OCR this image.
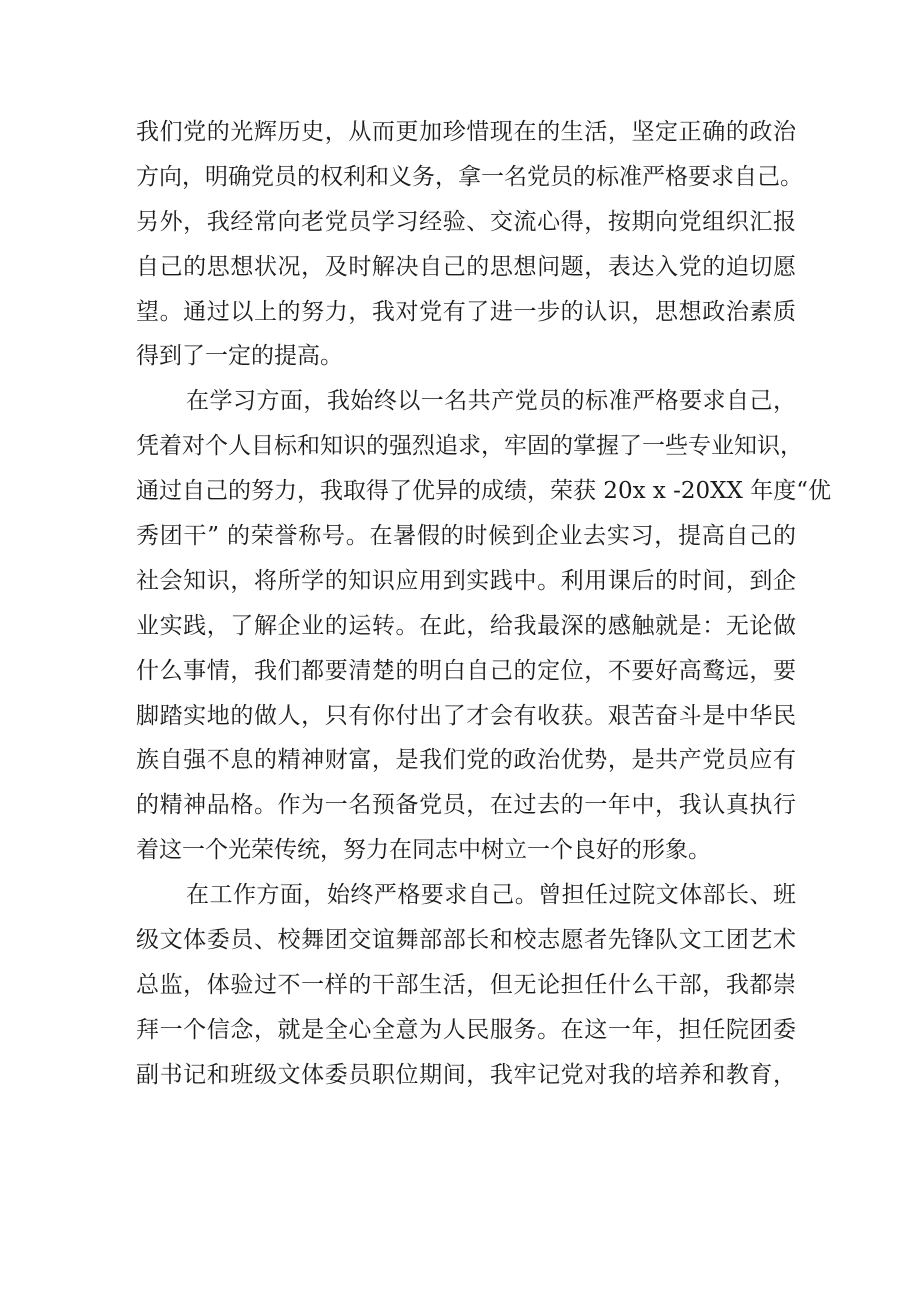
我们党的光辉历史，从而更加珍惜现在的生活，坚定正确的政治
方向，明确党员的权利和义务，拿一名党员的标准严格要求自己。
另外，我经常向老党员学习经验、交流心得，按期向党组织汇报
自己的思想状况，及时解决自己的思想问题，表达入党的迫切愿
望。通过以上的努力，我对党有了进一步的认识，思想政治素质
得到了一定的提高。
在学习方面，我始终以一名共产党员的标准严格要求自己，
凭着对个人目标和知识的强烈追求，牢固的掌握了一些专业知识，
通过自己的努力，我取得了优异的成绩，荣获 20x x -20XX 年度“优
秀团干” 的荣誉称号。在暑假的时候到企业去实习，提高自己的
社会知识，将所学的知识应用到实践中。利用课后的时间，到企
业实践，了解企业的运转。在此，给我最深的感触就是：无论做
什么事情，我们都要清楚的明白自己的定位，不要好高鹜远，要
脚踏实地的做人，只有你付出了才会有收获。艰苦奋斗是中华民
族自强不息的精神财富，是我们党的政治优势，是共产党员应有
的精神品格。作为一名预备党员，在过去的一年中，我认真执行
着这一个光荣传统，努力在同志中树立一个良好的形象。
在工作方面，始终严格要求自己。曾担任过院文体部长、班
级文体委员、校舞团交谊舞部部长和校志愿者先锋队文工团艺术
总监，体验过不一样的干部生活，但无论担任什么干部，我都崇
拜一个信念，就是全心全意为人民服务。在这一年，担任院团委
副书记和班级文体委员职位期间，我牢记党对我的培养和教育，
